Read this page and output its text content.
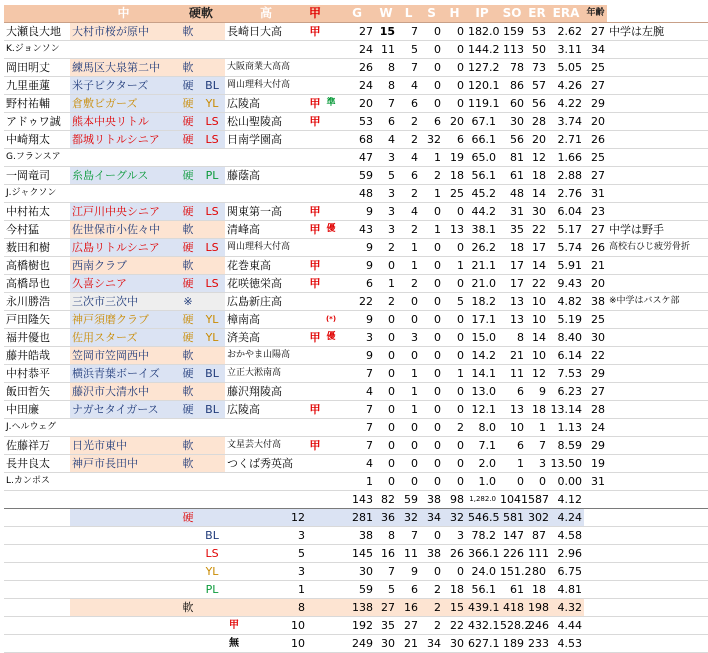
	中	硬軟		高	甲		G	W	L	S	H	IP	SO	ER	ERA	年齢	
大瀬良大地	大村市桜が原中	軟		長崎日大高	甲		27	15	7	0	0	182.0	159	53	2.62	27	中学は左腕
K.ジョンソン							24	11	5	0	0	144.2	113	50	3.11	34	
岡田明丈	練馬区大泉第二中	軟		大阪商業大高高			26	8	7	0	0	127.2	78	73	5.05	25	
九里亜蓮	米子ビクターズ	硬	BL	岡山理科大付高			24	8	4	0	0	120.1	86	57	4.26	27	
野村祐輔	倉敷ビガーズ	硬	YL	広陵高	甲	準	20	7	6	0	0	119.1	60	56	4.22	29	
アドゥワ誠	熊本中央リトル	硬	LS	松山聖陵高	甲		53	6	2	6	20	67.1	30	28	3.74	20	
中崎翔太	都城リトルシニア	硬	LS	日南学園高			68	4	2	32	6	66.1	56	20	2.71	26	
G.フランスア							47	3	4	1	19	65.0	81	12	1.66	25	
一岡竜司	糸島イーグルス	硬	PL	藤蔭高			59	5	6	2	18	56.1	61	18	2.88	27	
J.ジャクソン							48	3	2	1	25	45.2	48	14	2.76	31	
中村祐太	江戸川中央シニア	硬	LS	関東第一高	甲		9	3	4	0	0	44.2	31	30	6.04	23	
今村猛	佐世保市小佐々中	軟		清峰高	甲	優	43	3	2	1	13	38.1	35	22	5.17	27	中学は野手
薮田和樹	広島リトルシニア	硬	LS	岡山理科大付高			9	2	1	0	0	26.2	18	17	5.74	26	高校右ひじ疲労骨折
高橋樹也	西南クラブ	軟		花巻東高	甲		9	0	1	0	1	21.1	17	14	5.91	21	
高橋昂也	久喜シニア	硬	LS	花咲徳栄高	甲		6	1	2	0	0	21.0	17	22	9.43	20	
永川勝浩	三次市三次中	※		広島新庄高			22	2	0	0	5	18.2	13	10	4.82	38	※中学はバスケ部
戸田隆矢	神戸須磨クラブ	硬	YL	樟南高		(*)	9	0	0	0	0	17.1	13	10	5.19	25	
福井優也	佐用スターズ	硬	YL	済美高	甲	優	3	0	3	0	0	15.0	8	14	8.40	30	
藤井皓哉	笠岡市笠岡西中	軟		おかやま山陽高			9	0	0	0	0	14.2	21	10	6.14	22	
中村恭平	横浜青葉ボーイズ	硬	BL	立正大淞南高			7	0	1	0	1	14.1	11	12	7.53	29	
飯田哲矢	藤沢市大清水中	軟		藤沢翔陵高			4	0	1	0	0	13.0	6	9	6.23	27	
中田廉	ナガセタイガース	硬	BL	広陵高	甲		7	0	1	0	0	12.1	13	18	13.14	28	
J.ヘルウェグ							7	0	0	0	2	8.0	10	1	1.13	24	
佐藤祥万	日光市東中	軟		文星芸大付高	甲		7	0	0	0	0	7.1	6	7	8.59	29	
長井良太	神戸市長田中	軟		つくば秀英高			4	0	0	0	0	2.0	1	3	13.50	19	
L.カンポス							1	0	0	0	0	1.0	0	0	0.00	31	
							143	82	59	38	98	1,282.0	1041	587	4.12		
		硬		12			281	36	32	34	32	546.5	581	302	4.24		
			BL	3			38	8	7	0	3	78.2	147	87	4.58		
			LS	5			145	16	11	38	26	366.1	226	111	2.96		
			YL	3			30	7	9	0	0	24.0	151.2	80	6.75		
			PL	1			59	5	6	2	18	56.1	61	18	4.81		
		軟		8			138	27	16	2	15	439.1	418	198	4.32		

				甲 10			192	35	27	2	22	432.1	528.2	246	4.44		

				無 10			249	30	21	34	30	627.1	189	233	4.53		
